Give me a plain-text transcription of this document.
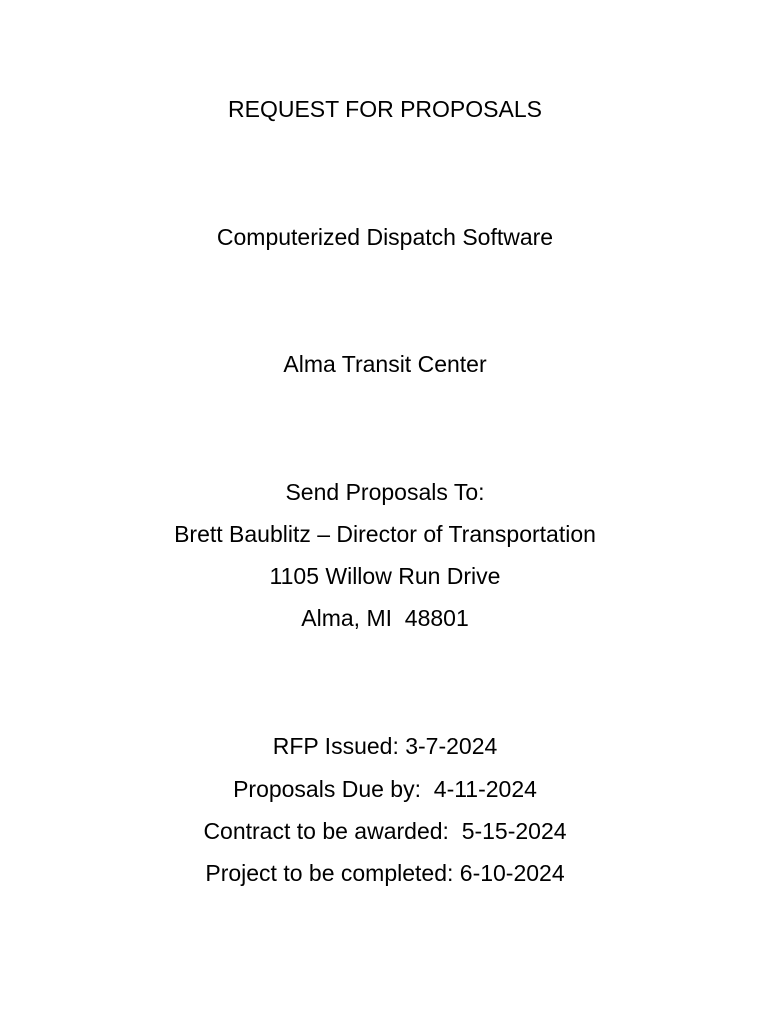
REQUEST FOR PROPOSALS
Computerized Dispatch Software
Alma Transit Center
Send Proposals To:
Brett Baublitz – Director of Transportation
1105 Willow Run Drive
Alma, MI  48801
RFP Issued: 3-7-2024
Proposals Due by:  4-11-2024
Contract to be awarded:  5-15-2024
Project to be completed: 6-10-2024
